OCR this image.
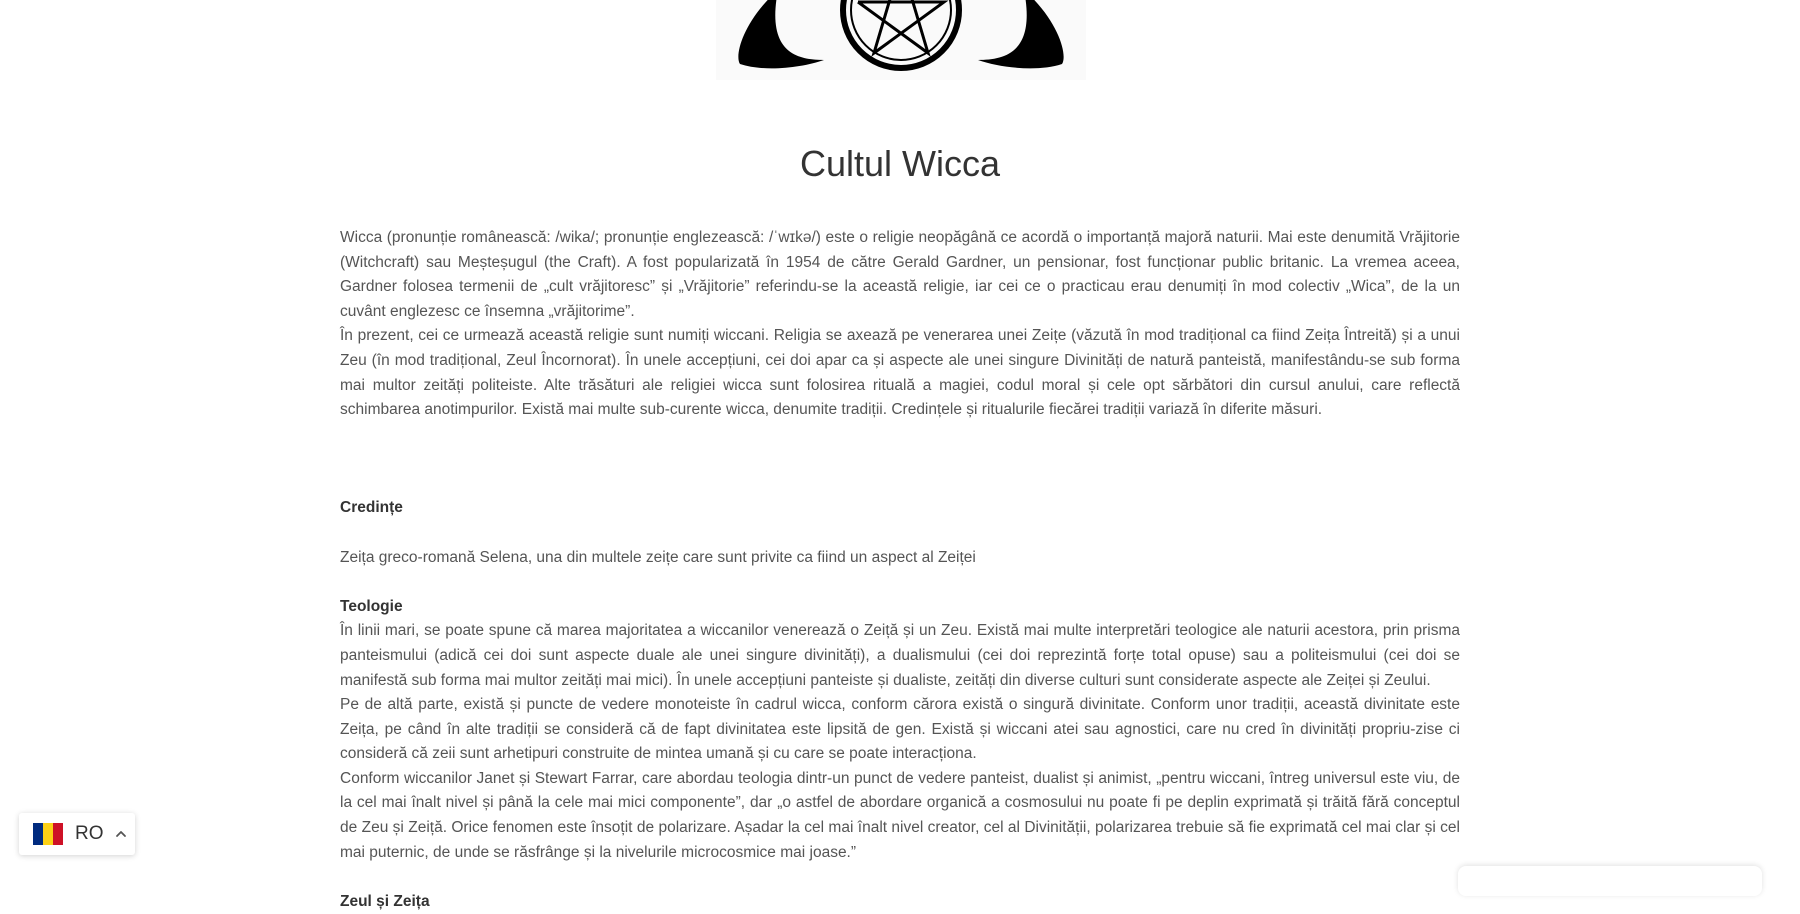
Cultul Wicca

Wicca (pronunție românească: /wika/; pronunție englezească: /ˈwɪkə/) este o religie neopăgână ce acordă o importanță majoră naturii. Mai este denumită Vrăjitorie (Witchcraft) sau Meșteșugul (the Craft). A fost popularizată în 1954 de către Gerald Gardner, un pensionar, fost funcționar public britanic. La vremea aceea, Gardner folosea termenii de „cult vrăjitoresc” și „Vrăjitorie” referindu-se la această religie, iar cei ce o practicau erau denumiți în mod colectiv „Wica”, de la un cuvânt englezesc ce însemna „vrăjitorime”.

În prezent, cei ce urmează această religie sunt numiți wiccani. Religia se axează pe venerarea unei Zeițe (văzută în mod tradițional ca fiind Zeița Întreită) și a unui Zeu (în mod tradițional, Zeul Încornorat). În unele accepțiuni, cei doi apar ca și aspecte ale unei singure Divinități de natură panteistă, manifestându-se sub forma mai multor zeități politeiste. Alte trăsături ale religiei wicca sunt folosirea rituală a magiei, codul moral și cele opt sărbători din cursul anului, care reflectă schimbarea anotimpurilor. Există mai multe sub-curente wicca, denumite tradiții. Credințele și ritualurile fiecărei tradiții variază în diferite măsuri.

Credințe

Zeița greco-romană Selena, una din multele zeițe care sunt privite ca fiind un aspect al Zeiței

Teologie

În linii mari, se poate spune că marea majoritatea a wiccanilor venerează o Zeiță și un Zeu. Există mai multe interpretări teologice ale naturii acestora, prin prisma panteismului (adică cei doi sunt aspecte duale ale unei singure divinități), a dualismului (cei doi reprezintă forțe total opuse) sau a politeismului (cei doi se manifestă sub forma mai multor zeități mai mici). În unele accepțiuni panteiste și dualiste, zeități din diverse culturi sunt considerate aspecte ale Zeiței și Zeului.

Pe de altă parte, există și puncte de vedere monoteiste în cadrul wicca, conform cărora există o singură divinitate. Conform unor tradiții, această divinitate este Zeița, pe când în alte tradiții se consideră că de fapt divinitatea este lipsită de gen. Există și wiccani atei sau agnostici, care nu cred în divinități propriu-zise ci consideră că zeii sunt arhetipuri construite de mintea umană și cu care se poate interacționa.

Conform wiccanilor Janet și Stewart Farrar, care abordau teologia dintr-un punct de vedere panteist, dualist și animist, „pentru wiccani, întreg universul este viu, de la cel mai înalt nivel și până la cele mai mici componente”, dar „o astfel de abordare organică a cosmosului nu poate fi pe deplin exprimată și trăită fără conceptul de Zeu și Zeiță. Orice fenomen este însoțit de polarizare. Așadar la cel mai înalt nivel creator, cel al Divinității, polarizarea trebuie să fie exprimată cel mai clar și cel mai puternic, de unde se răsfrânge și la nivelurile microcosmice mai joase.”

Zeul și Zeița

RO
